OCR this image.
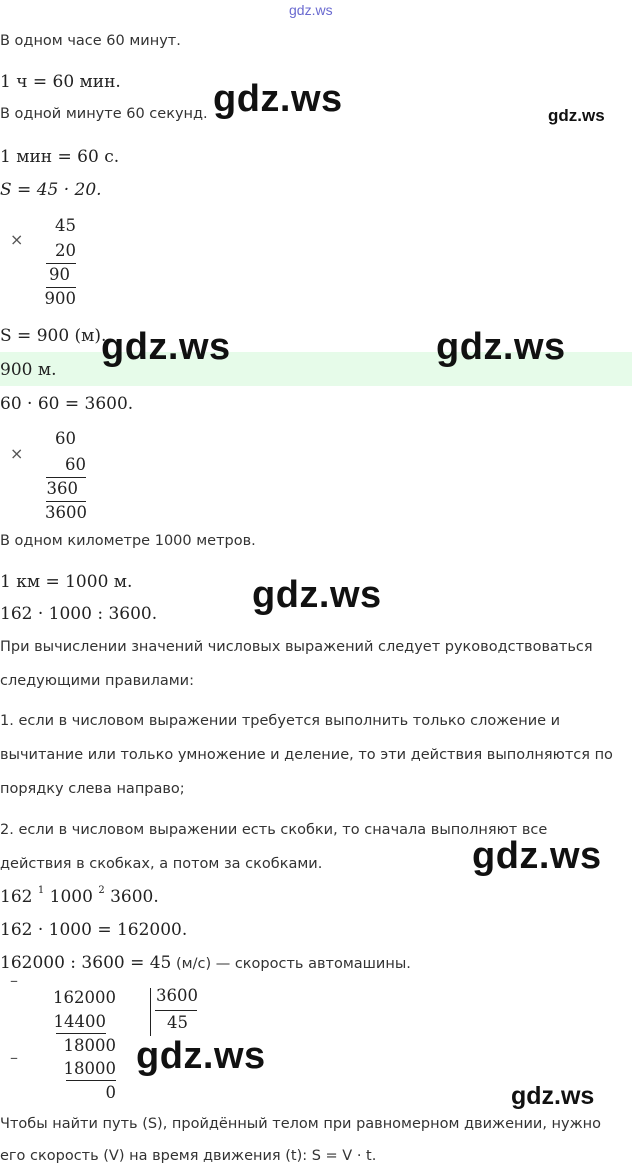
gdz.ws
В одном часе 60 минут.
1 ч = 60 мин.
В одной минуте 60 секунд.
1 мин = 60 с.
S = 45 · 20.
×
45
20
90
900
S = 900 (м).
900 м.
60 · 60 = 3600.
×
60
60
360
3600
В одном километре 1000 метров.
1 км = 1000 м.
162 · 1000 : 3600.
При вычислении значений числовых выражений следует руководствоваться
следующими правилами:
1. если в числовом выражении требуется выполнить только сложение и
вычитание или только умножение и деление, то эти действия выполняются по
порядку слева направо;
2. если в числовом выражении есть скобки, то сначала выполняют все
действия в скобках, а потом за скобками.
162 $^1$ 1000 $^2$ 3600.
162 · 1000 = 162000.
162000 : 3600 = 45 (м/с) — скорость автомашины.
–
162000
14400
–
18000
18000
0
3600
45
Чтобы найти путь (S), пройдённый телом при равномерном движении, нужно
его скорость (V) на время движения (t): S = V · t.
gdz.ws	gdz.ws
gdz.ws	gdz.ws
gdz.ws
gdz.ws
gdz.ws
gdz.ws
